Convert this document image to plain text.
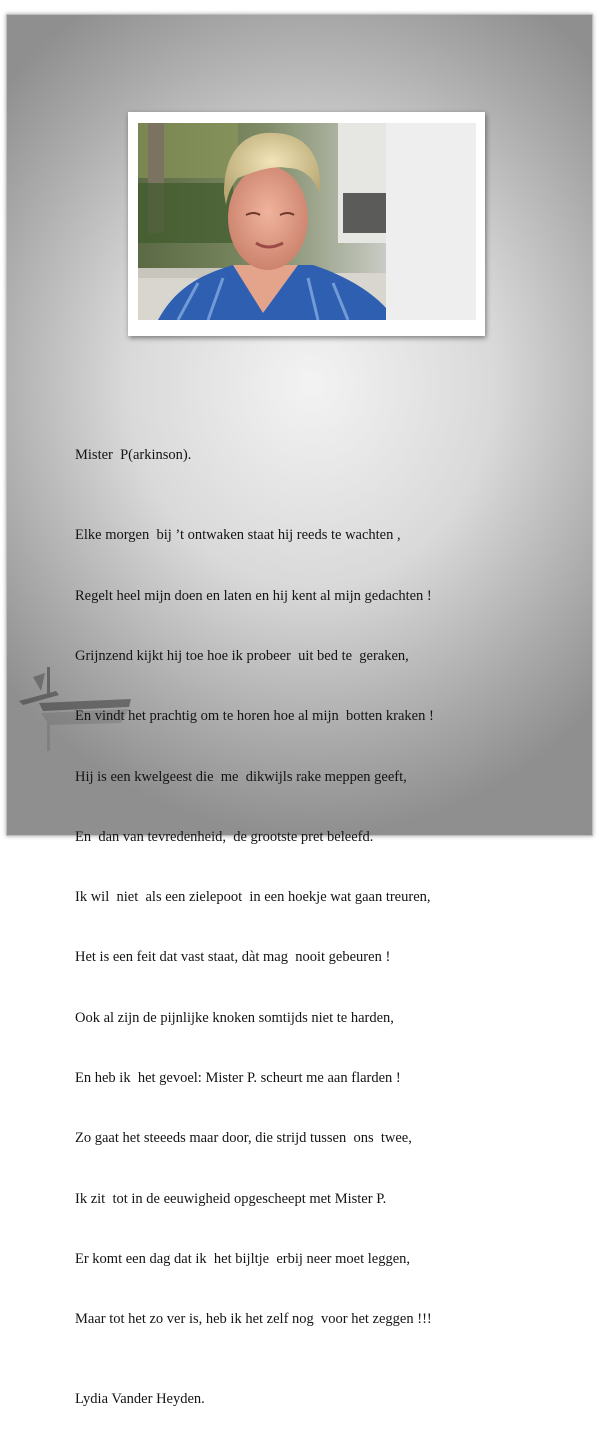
Mister  P(arkinson).

Elke morgen  bij ’t ontwaken staat hij reeds te wachten ,

Regelt heel mijn doen en laten en hij kent al mijn gedachten !

Grijnzend kijkt hij toe hoe ik probeer  uit bed te  geraken,

En vindt het prachtig om te horen hoe al mijn  botten kraken !

Hij is een kwelgeest die  me  dikwijls rake meppen geeft,

En  dan van tevredenheid,  de grootste pret beleefd.

Ik wil  niet  als een zielepoot  in een hoekje wat gaan treuren,

Het is een feit dat vast staat, dàt mag  nooit gebeuren !

Ook al zijn de pijnlijke knoken somtijds niet te harden,

En heb ik  het gevoel: Mister P. scheurt me aan flarden !

Zo gaat het steeeds maar door, die strijd tussen  ons  twee,

Ik zit  tot in de eeuwigheid opgescheept met Mister P.

Er komt een dag dat ik  het bijltje  erbij neer moet leggen,

Maar tot het zo ver is, heb ik het zelf nog  voor het zeggen !!!

Lydia Vander Heyden.
